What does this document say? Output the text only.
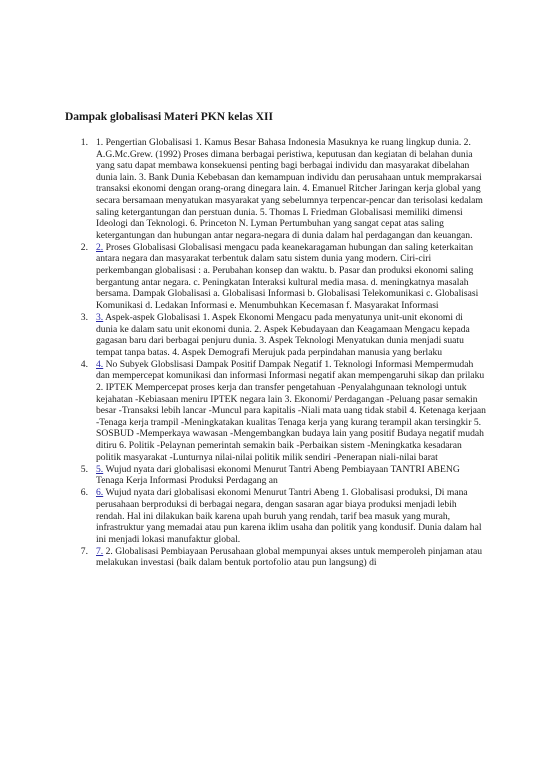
Dampak globalisasi Materi PKN kelas XII
1. 1. Pengertian Globalisasi 1. Kamus Besar Bahasa Indonesia Masuknya ke ruang lingkup dunia. 2. A.G.Mc.Grew. (1992) Proses dimana berbagai peristiwa, keputusan dan kegiatan di belahan dunia yang satu dapat membawa konsekuensi penting bagi berbagai individu dan masyarakat dibelahan dunia lain. 3. Bank Dunia Kebebasan dan kemampuan individu dan perusahaan untuk memprakarsai transaksi ekonomi dengan orang-orang dinegara lain. 4. Emanuel Ritcher Jaringan kerja global yang secara bersamaan menyatukan masyarakat yang sebelumnya terpencar-pencar dan terisolasi kedalam saling ketergantungan dan perstuan dunia. 5. Thomas L Friedman Globalisasi memiliki dimensi Ideologi dan Teknologi. 6. Princeton N. Lyman Pertumbuhan yang sangat cepat atas saling ketergantungan dan hubungan antar negara-negara di dunia dalam hal perdagangan dan keuangan.
2. 2. Proses Globalisasi Globalisasi mengacu pada keanekaragaman hubungan dan saling keterkaitan antara negara dan masyarakat terbentuk dalam satu sistem dunia yang modern. Ciri-ciri perkembangan globalisasi : a. Perubahan konsep dan waktu. b. Pasar dan produksi ekonomi saling bergantung antar negara. c. Peningkatan Interaksi kultural media masa. d. meningkatnya masalah bersama. Dampak Globalisasi a. Globalisasi Informasi b. Globalisasi Telekomunikasi c. Globalisasi Komunikasi d. Ledakan Informasi e. Menumbuhkan Kecemasan f. Masyarakat Informasi
3. 3. Aspek-aspek Globalisasi 1. Aspek Ekonomi Mengacu pada menyatunya unit-unit ekonomi di dunia ke dalam satu unit ekonomi dunia. 2. Aspek Kebudayaan dan Keagamaan Mengacu kepada gagasan baru dari berbagai penjuru dunia. 3. Aspek Teknologi Menyatukan dunia menjadi suatu tempat tanpa batas. 4. Aspek Demografi Merujuk pada perpindahan manusia yang berlaku
4. 4. No Subyek Globslisasi Dampak Positif Dampak Negatif 1. Teknologi Informasi Mempermudah dan mempercepat komunikasi dan informasi Informasi negatif akan mempengaruhi sikap dan prilaku 2. IPTEK Mempercepat proses kerja dan transfer pengetahuan -Penyalahgunaan teknologi untuk kejahatan -Kebiasaan meniru IPTEK negara lain 3. Ekonomi/ Perdagangan -Peluang pasar semakin besar -Transaksi lebih lancar -Muncul para kapitalis -Niali mata uang tidak stabil 4. Ketenaga kerjaan -Tenaga kerja trampil -Meningkatakan kualitas Tenaga kerja yang kurang terampil akan tersingkir 5. SOSBUD -Memperkaya wawasan -Mengembangkan budaya lain yang positif Budaya negatif mudah ditiru 6. Politik -Pelaynan pemerintah semakin baik -Perbaikan sistem -Meningkatka kesadaran politik masyarakat -Lunturnya nilai-nilai politik milik sendiri -Penerapan niali-nilai barat
5. 5. Wujud nyata dari globalisasi ekonomi Menurut Tantri Abeng Pembiayaan TANTRI ABENG Tenaga Kerja Informasi Produksi Perdagang an
6. 6. Wujud nyata dari globalisasi ekonomi Menurut Tantri Abeng 1. Globalisasi produksi, Di mana perusahaan berproduksi di berbagai negara, dengan sasaran agar biaya produksi menjadi lebih rendah. Hal ini dilakukan baik karena upah buruh yang rendah, tarif bea masuk yang murah, infrastruktur yang memadai atau pun karena iklim usaha dan politik yang kondusif. Dunia dalam hal ini menjadi lokasi manufaktur global.
7. 7. 2. Globalisasi Pembiayaan Perusahaan global mempunyai akses untuk memperoleh pinjaman atau melakukan investasi (baik dalam bentuk portofolio atau pun langsung) di
